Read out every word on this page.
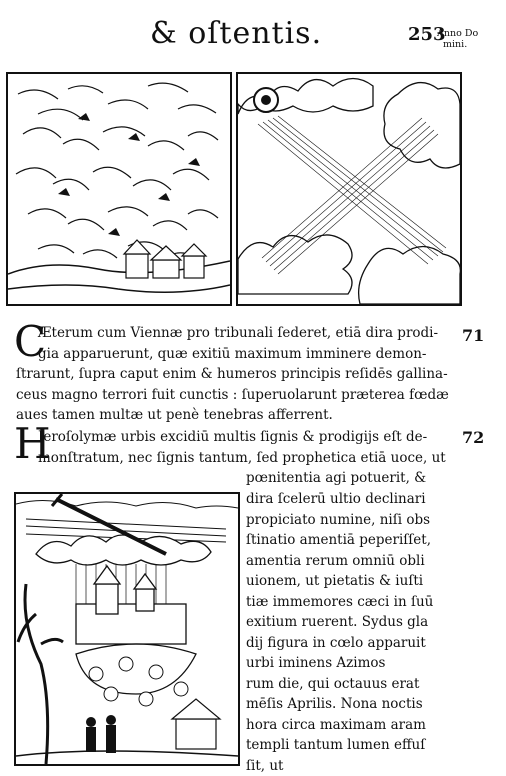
& oſtentis.	253
Anno Do
mini.
C
Æterum cum Viennæ pro tribunali ſederet, etiā dira prodi-
gia apparuerunt, quæ exitiū maximum imminere demon-
ſtrarunt, ſupra caput enim & humeros principis reſidēs gallina-
ceus magno terrori fuit cunctis : ſuperuolarunt præterea fœdæ
aues tamen multæ ut penè tenebras afferrent.
71
H
Ieroſolymæ urbis excidiū multis ſignis & prodigijs eſt de-
monſtratum, nec ſignis tantum, ſed prophetica etiā uoce, ut
pœnitentia agi potuerit, &
72
dira ſcelerū ultio declinari
propiciato numine, niſi obs
ſtinatio amentiā peperiſſet,
amentia rerum omniū obli
uionem, ut pietatis & iuſti
tiæ immemores cæci in ſuū
exitium ruerent. Sydus gla
dij figura in cœlo apparuit
urbi iminens Azimos
rum die, qui octauus erat
mēſis Aprilis. Nona noctis
hora circa maximam aram
templi tantum lumen effuſ
ſit, ut
